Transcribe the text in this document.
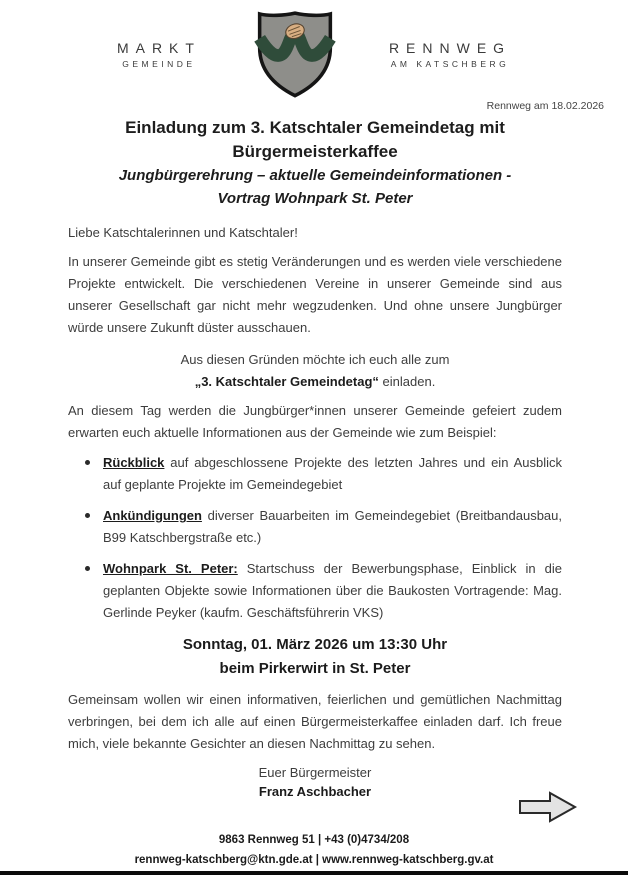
MARKT
GEMEINDE
RENNWEG
AM KATSCHBERG
Rennweg am 18.02.2026
Einladung zum 3. Katschtaler Gemeindetag mit
Bürgermeisterkaffee
Jungbürgerehrung – aktuelle Gemeindeinformationen -
Vortrag Wohnpark St. Peter

Liebe Katschtalerinnen und Katschtaler!

In unserer Gemeinde gibt es stetig Veränderungen und es werden viele verschiedene Projekte entwickelt. Die verschiedenen Vereine in unserer Gemeinde sind aus unserer Gesellschaft gar nicht mehr wegzudenken. Und ohne unsere Jungbürger würde unsere Zukunft düster ausschauen.

Aus diesen Gründen möchte ich euch alle zum
„3. Katschtaler Gemeindetag“ einladen.

An diesem Tag werden die Jungbürger*innen unserer Gemeinde gefeiert zudem erwarten euch aktuelle Informationen aus der Gemeinde wie zum Beispiel:

Rückblick auf abgeschlossene Projekte des letzten Jahres und ein Ausblick auf geplante Projekte im Gemeindegebiet
Ankündigungen diverser Bauarbeiten im Gemeindegebiet (Breitbandausbau, B99 Katschbergstraße etc.)
Wohnpark St. Peter: Startschuss der Bewerbungsphase, Einblick in die geplanten Objekte sowie Informationen über die Baukosten Vortragende: Mag. Gerlinde Peyker (kaufm. Geschäftsführerin VKS)
Sonntag, 01. März 2026 um 13:30 Uhr
beim Pirkerwirt in St. Peter

Gemeinsam wollen wir einen informativen, feierlichen und gemütlichen Nachmittag verbringen, bei dem ich alle auf einen Bürgermeisterkaffee einladen darf. Ich freue mich, viele bekannte Gesichter an diesen Nachmittag zu sehen.

Euer Bürgermeister
Franz Aschbacher
9863 Rennweg 51 | +43 (0)4734/208
rennweg-katschberg@ktn.gde.at | www.rennweg-katschberg.gv.at
